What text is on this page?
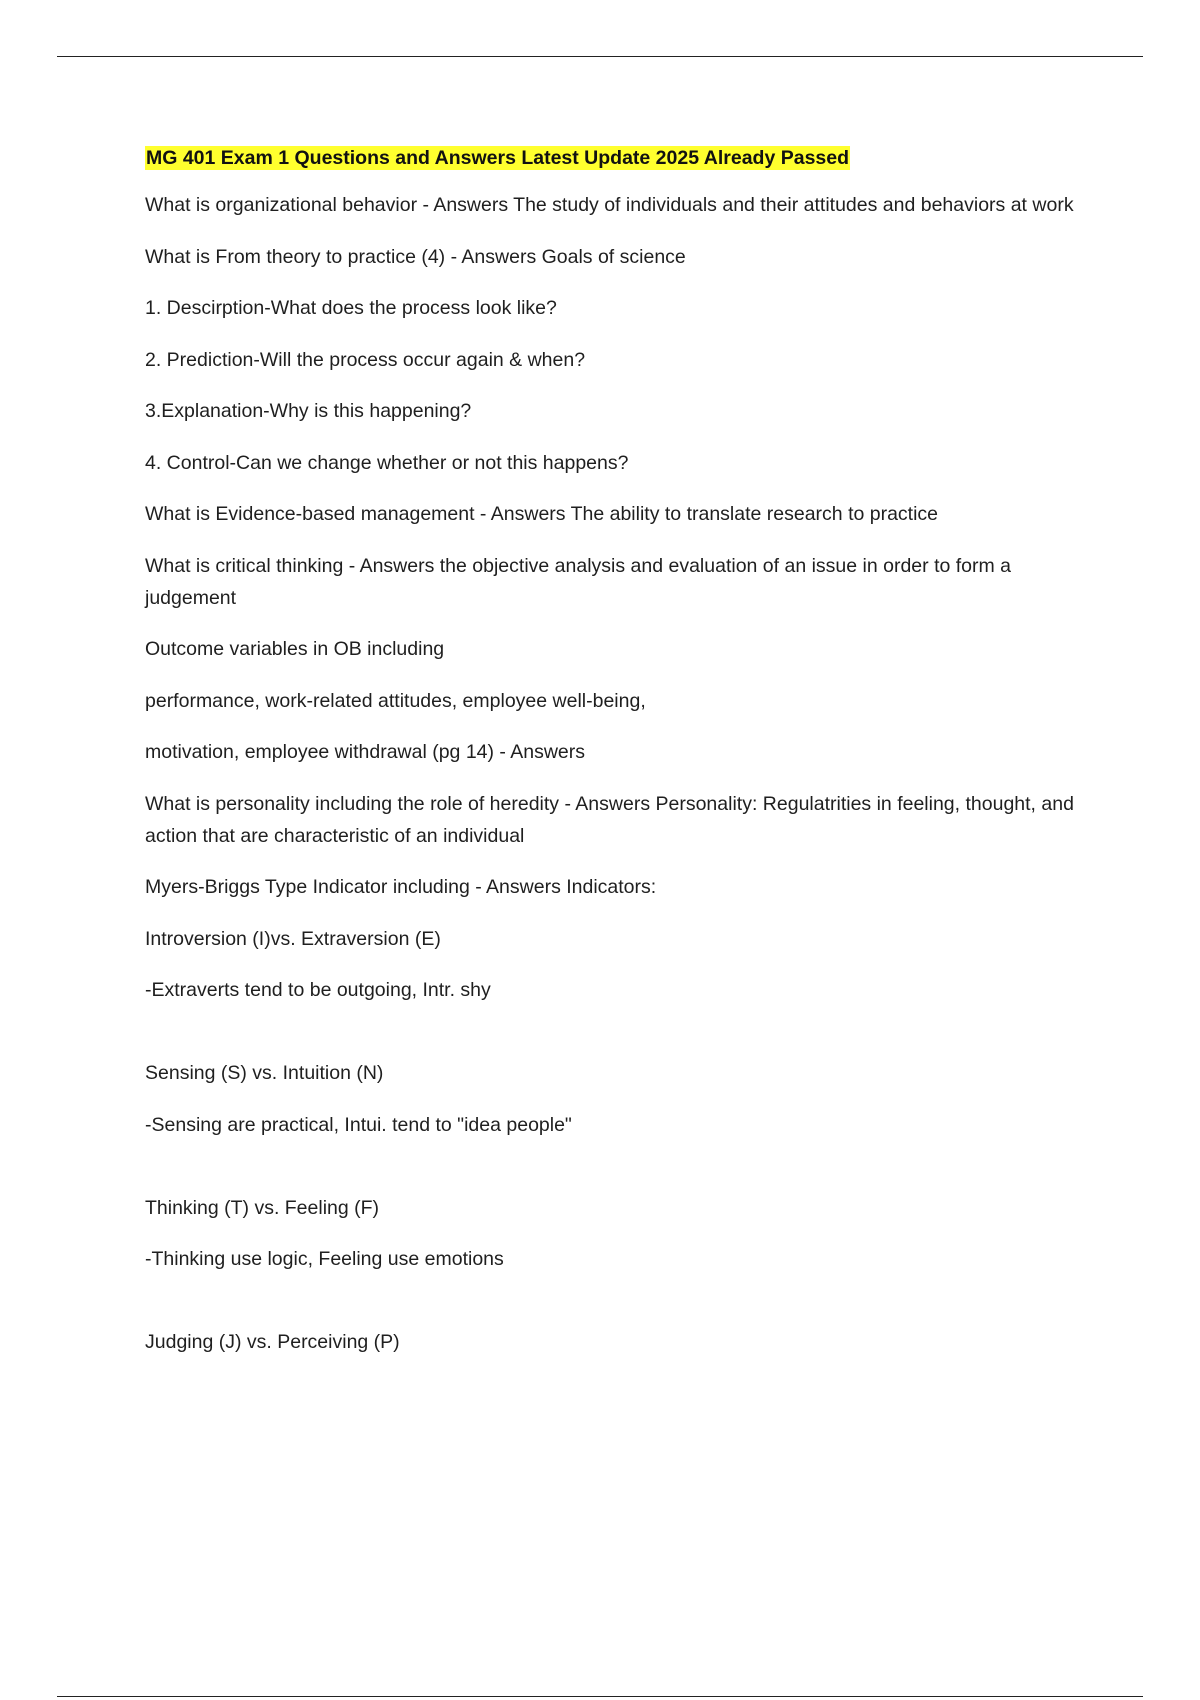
MG 401 Exam 1 Questions and Answers Latest Update 2025 Already Passed

What is organizational behavior - Answers The study of individuals and their attitudes and behaviors at work

What is From theory to practice (4) - Answers Goals of science

1. Descirption-What does the process look like?

2. Prediction-Will the process occur again & when?

3.Explanation-Why is this happening?

4. Control-Can we change whether or not this happens?

What is Evidence-based management - Answers The ability to translate research to practice

What is critical thinking - Answers the objective analysis and evaluation of an issue in order to form a judgement

Outcome variables in OB including

performance, work-related attitudes, employee well-being,

motivation, employee withdrawal (pg 14) - Answers

What is personality including the role of heredity - Answers Personality: Regulatrities in feeling, thought, and action that are characteristic of an individual

Myers-Briggs Type Indicator including - Answers Indicators:

Introversion (I)vs. Extraversion (E)

-Extraverts tend to be outgoing, Intr. shy

Sensing (S) vs. Intuition (N)

-Sensing are practical, Intui. tend to "idea people"

Thinking (T) vs. Feeling (F)

-Thinking use logic, Feeling use emotions

Judging (J) vs. Perceiving (P)
